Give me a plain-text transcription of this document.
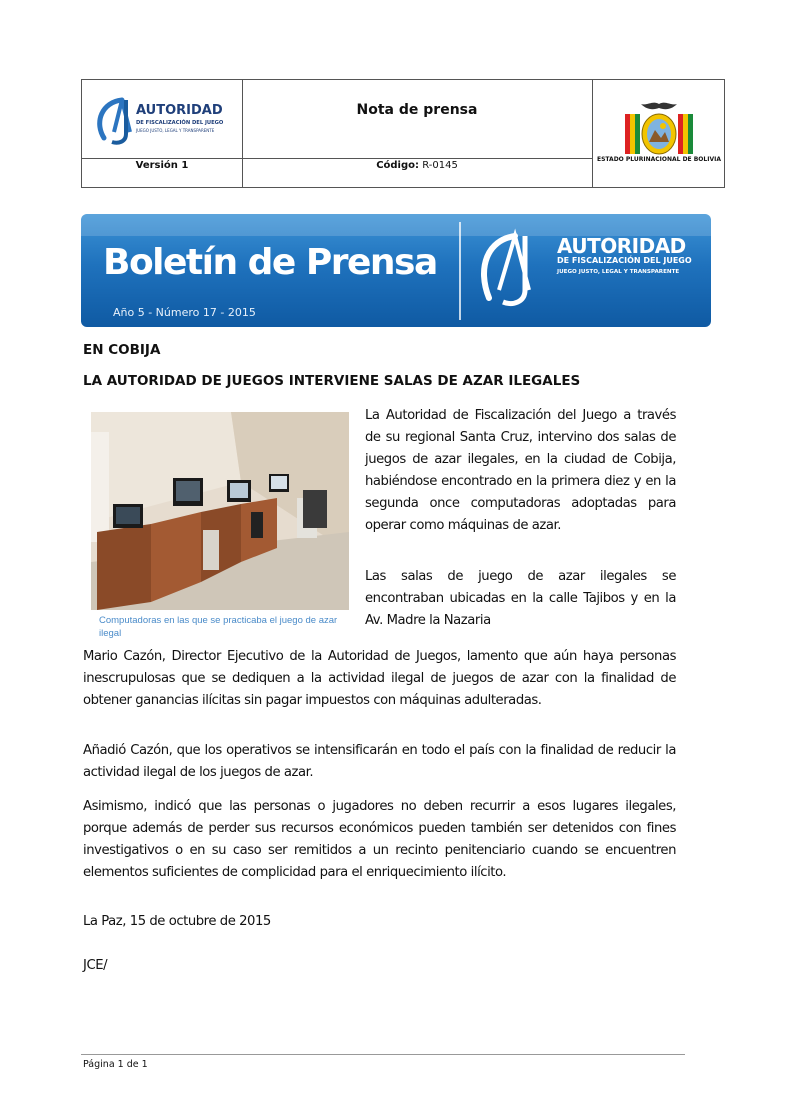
AUTORIDAD
DE FISCALIZACIÓN DEL JUEGO
JUEGO JUSTO, LEGAL Y TRANSPARENTE
Nota de prensa
Versión 1	Código: R-0145
ESTADO PLURINACIONAL DE BOLIVIA
Boletín de Prensa
Año 5 - Número 17 - 2015
AUTORIDAD
DE FISCALIZACIÓN DEL JUEGO
JUEGO JUSTO, LEGAL Y TRANSPARENTE
EN COBIJA
LA AUTORIDAD DE JUEGOS INTERVIENE SALAS DE AZAR ILEGALES
Computadoras en las que se practicaba el juego de azar ilegal
La Autoridad de Fiscalización del Juego a través de su regional Santa Cruz, intervino dos salas de juegos de azar ilegales, en la ciudad de Cobija, habiéndose encontrado en la primera diez y en la segunda once computadoras adoptadas para operar como máquinas de azar.
Las salas de juego de azar ilegales se encontraban ubicadas en la calle Tajibos y en la Av. Madre la Nazaria
Mario Cazón, Director Ejecutivo de la Autoridad de Juegos, lamento que aún haya personas inescrupulosas que se dediquen a la actividad ilegal de juegos de azar con la finalidad de obtener ganancias ilícitas sin pagar impuestos con máquinas adulteradas.
Añadió Cazón, que los operativos se intensificarán en todo el país con la finalidad de reducir la actividad ilegal de los juegos de azar.
Asimismo, indicó que las personas o jugadores no deben recurrir a esos lugares ilegales, porque además de perder sus recursos económicos pueden también ser detenidos con fines investigativos o en su caso ser remitidos a un recinto penitenciario cuando se encuentren elementos suficientes de complicidad para el enriquecimiento ilícito.
La Paz, 15 de octubre de 2015
JCE/
Página 1 de 1
